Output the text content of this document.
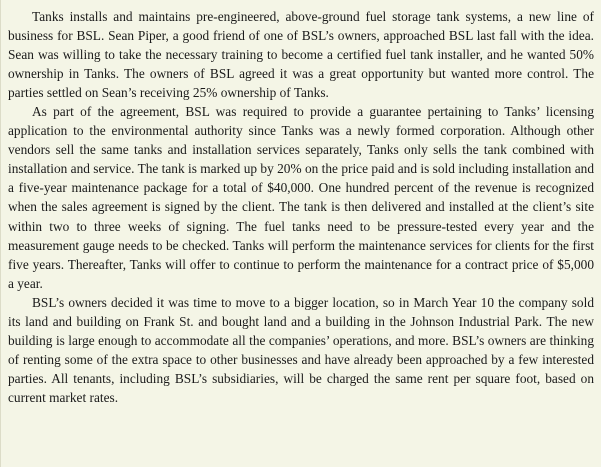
Tanks installs and maintains pre-engineered, above-ground fuel storage tank systems, a new line of business for BSL. Sean Piper, a good friend of one of BSL’s owners, approached BSL last fall with the idea. Sean was willing to take the necessary training to become a certified fuel tank installer, and he wanted 50% ownership in Tanks. The owners of BSL agreed it was a great opportunity but wanted more control. The parties settled on Sean’s receiving 25% ownership of Tanks.

As part of the agreement, BSL was required to provide a guarantee pertaining to Tanks’ licensing application to the environmental authority since Tanks was a newly formed corporation. Although other vendors sell the same tanks and installation services separately, Tanks only sells the tank combined with installation and service. The tank is marked up by 20% on the price paid and is sold including installation and a five-year maintenance package for a total of $40,000. One hundred percent of the revenue is recognized when the sales agreement is signed by the client. The tank is then delivered and installed at the client’s site within two to three weeks of signing. The fuel tanks need to be pressure-tested every year and the measurement gauge needs to be checked. Tanks will perform the maintenance services for clients for the first five years. Thereafter, Tanks will offer to continue to perform the maintenance for a contract price of $5,000 a year.

BSL’s owners decided it was time to move to a bigger location, so in March Year 10 the company sold its land and building on Frank St. and bought land and a building in the Johnson Industrial Park. The new building is large enough to accommodate all the companies’ operations, and more. BSL’s owners are thinking of renting some of the extra space to other businesses and have already been approached by a few interested parties. All tenants, including BSL’s subsidiaries, will be charged the same rent per square foot, based on current market rates.
